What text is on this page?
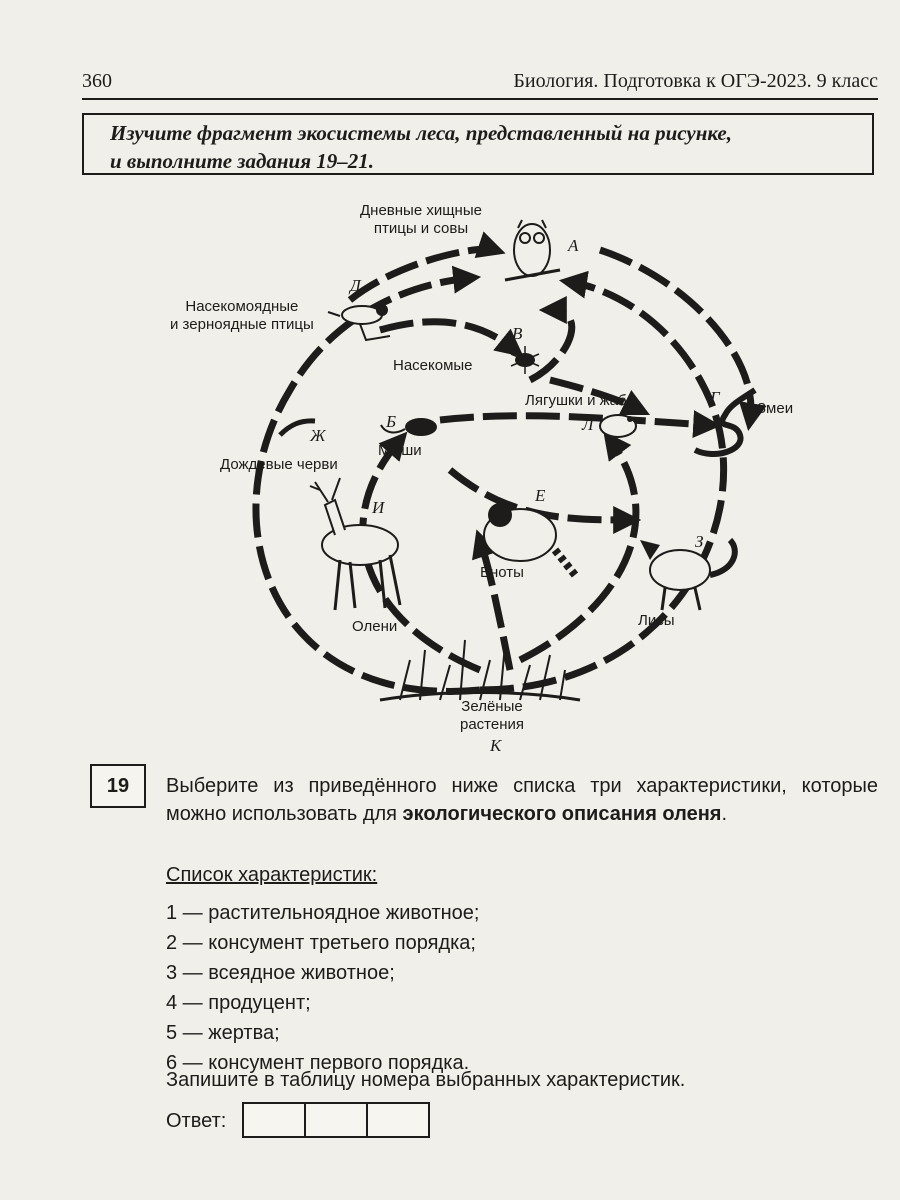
360	Биология. Подготовка к ОГЭ-2023. 9 класс
Изучите фрагмент экосистемы леса, представленный на рисунке,
и выполните задания 19–21.
Дневные хищные
птицы и совы
А
Насекомоядные
и зерноядные птицы
Д
Насекомые
В
Лягушки и жабы
Л
Змеи
Г
Дождевые черви
Ж
Мыши
Б
Олени
И
Еноты
Е
Лисы
З
Зелёные
растения
К
19	Выберите из приведённого ниже списка три характеристики, которые можно использовать для экологического описания оленя.
Список характеристик:
1 — растительноядное животное;
2 — консумент третьего порядка;
3 — всеядное животное;
4 — продуцент;
5 — жертва;
6 — консумент первого порядка.
Запишите в таблицу номера выбранных характеристик.
Ответ:
